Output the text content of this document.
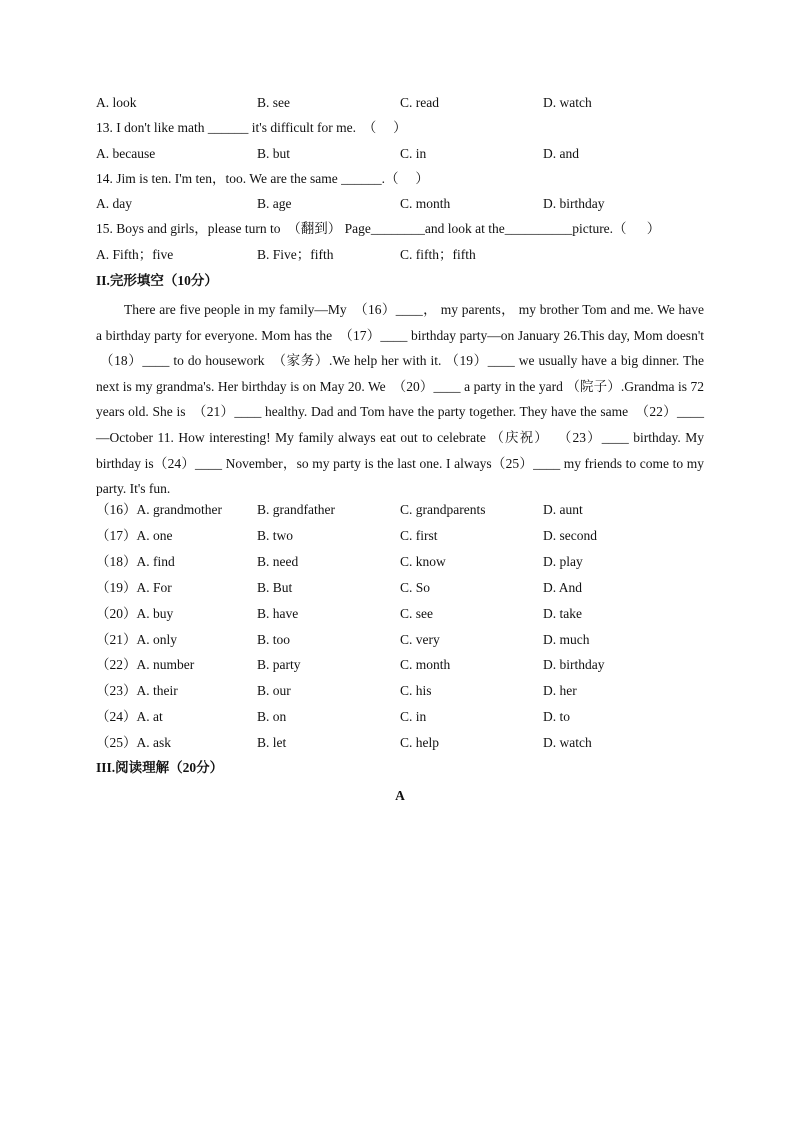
A. look	B. see	C. read	D. watch
13. I don't like math ______ it's difficult for me.  （     ）
A. because	B. but	C. in	D. and
14. Jim is ten. I'm ten，too. We are the same ______.（     ）
A. day	B. age	C. month	D. birthday
15. Boys and girls，please turn to  （翻到） Page________and look at the__________picture.（      ）
A. Fifth；five	B. Five；fifth	C. fifth；fifth
II.完形填空（10分）
There are five people in my family—My  （16）____， my parents， my brother Tom and me. We have a birthday party for everyone. Mom has the  （17）____ birthday party—on January 26.This day, Mom doesn't  （18）____ to do housework  （家务）.We help her with it. （19）____ we usually have a big dinner. The next is my grandma's. Her birthday is on May 20. We  （20）____ a party in the yard （院子）.Grandma is 72 years old. She is  （21）____ healthy. Dad and Tom have the party together. They have the same  （22）____—October 11. How interesting! My family always eat out to celebrate （庆祝）  （23）____ birthday. My birthday is（24）____ November，so my party is the last one. I always（25）____ my friends to come to my party. It's fun.
（16）A. grandmother	B. grandfather	C. grandparents	D. aunt
（17）A. one	B. two	C. first	D. second
（18）A. find	B. need	C. know	D. play
（19）A. For	B. But	C. So	D. And
（20）A. buy	B. have	C. see	D. take
（21）A. only	B. too	C. very	D. much
（22）A. number	B. party	C. month	D. birthday
（23）A. their	B. our	C. his	D. her
（24）A. at	B. on	C. in	D. to
（25）A. ask	B. let	C. help	D. watch
III.阅读理解（20分）
A
